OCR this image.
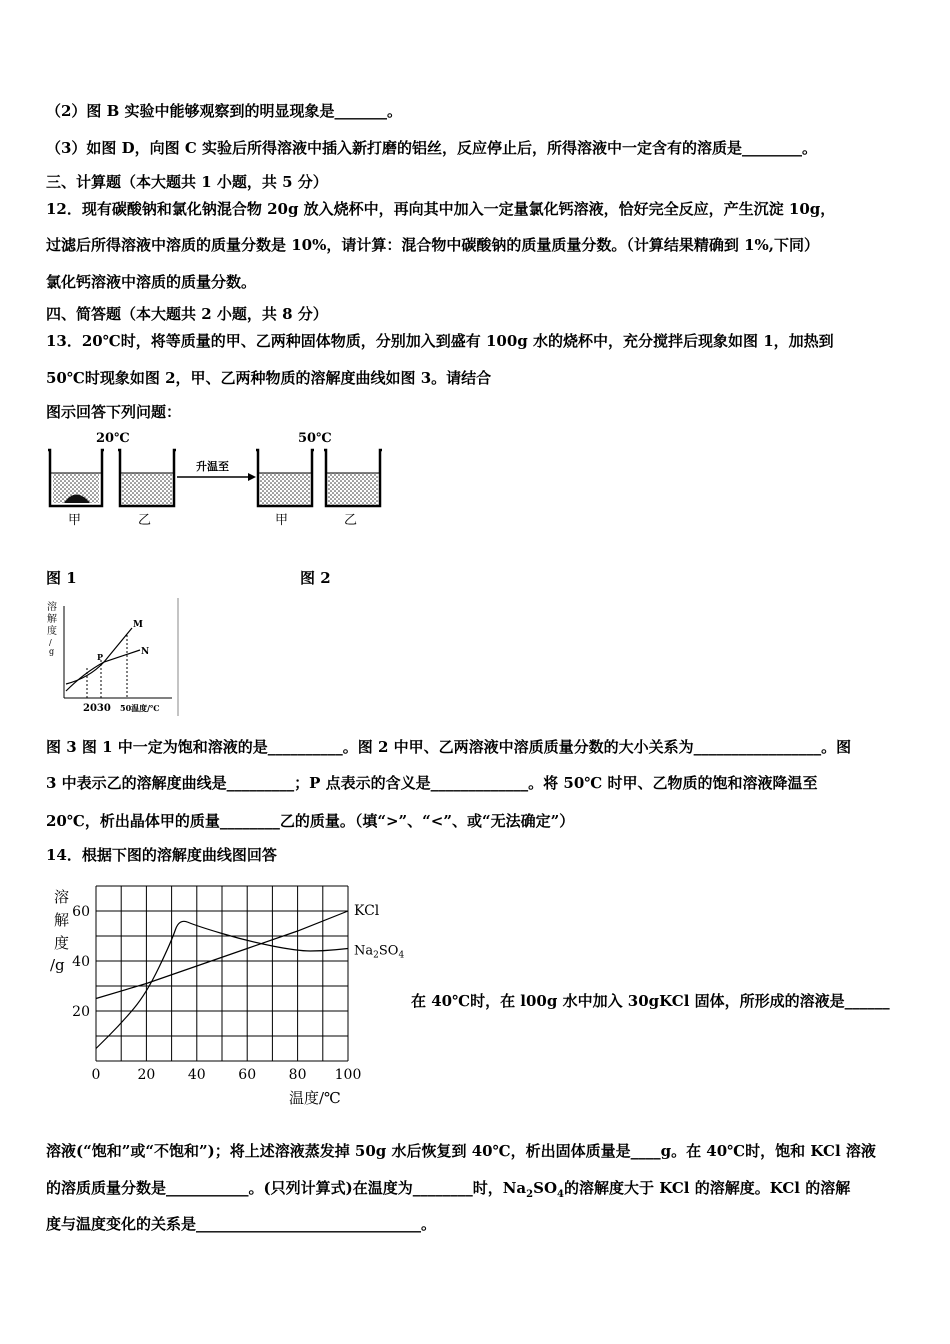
（2）图 B 实验中能够观察到的明显现象是_______。
（3）如图 D，向图 C 实验后所得溶液中插入新打磨的铝丝，反应停止后，所得溶液中一定含有的溶质是________。
三、计算题（本大题共 1 小题，共 5 分）
12．现有碳酸钠和氯化钠混合物 20g 放入烧杯中，再向其中加入一定量氯化钙溶液，恰好完全反应，产生沉淀 10g，
过滤后所得溶液中溶质的质量分数是 10%，请计算：混合物中碳酸钠的质量质量分数。（计算结果精确到 1%,下同）
氯化钙溶液中溶质的质量分数。
四、简答题（本大题共 2 小题，共 8 分）
13．20℃时，将等质量的甲、乙两种固体物质，分别加入到盛有 100g 水的烧杯中，充分搅拌后现象如图 1，加热到
50℃时现象如图 2，甲、乙两种物质的溶解度曲线如图 3。请结合
图示回答下列问题：
20℃	50℃
升温至
甲	乙	甲	乙
图 1	图 2
溶
解
度
/
g
P
M
N
2030 50温度/℃
图 3 图 1 中一定为饱和溶液的是__________。图 2 中甲、乙两溶液中溶质质量分数的大小关系为_________________。图
3 中表示乙的溶解度曲线是_________；P 点表示的含义是_____________。将 50℃ 时甲、乙物质的饱和溶液降温至
20℃，析出晶体甲的质量________乙的质量。（填“>”、“<”、或“无法确定”）
14．根据下图的溶解度曲线图回答
0	20 40 60 80 100
20
40
60
溶
解
度
/g
温度/℃
KCl
$Na_2SO_4$
在 40℃时，在 l00g 水中加入 30gKCl 固体，所形成的溶液是______
溶液(“饱和”或“不饱和”)；将上述溶液蒸发掉 50g 水后恢复到 40℃，析出固体质量是____g。在 40℃时，饱和 KCl 溶液
的溶质质量分数是___________。(只列计算式)在温度为________时，$Na_2SO_4$的溶解度大于 KCl 的溶解度。KCl 的溶解
度与温度变化的关系是______________________________。
